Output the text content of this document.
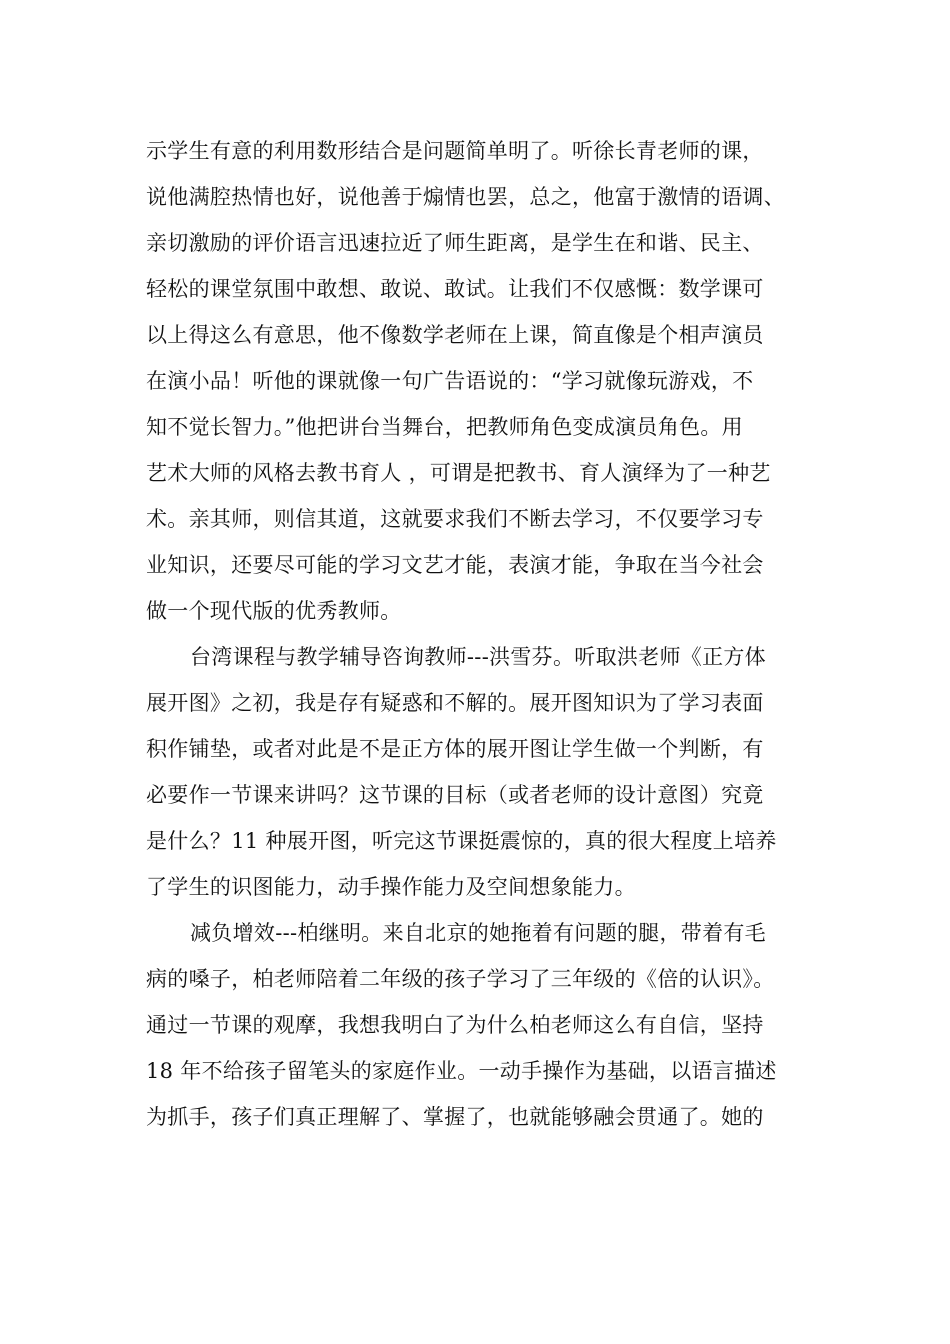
示学生有意的利用数形结合是问题简单明了。听徐长青老师的课，
说他满腔热情也好，说他善于煽情也罢，总之，他富于激情的语调、
亲切激励的评价语言迅速拉近了师生距离，是学生在和谐、民主、
轻松的课堂氛围中敢想、敢说、敢试。让我们不仅感慨：数学课可
以上得这么有意思，他不像数学老师在上课，简直像是个相声演员
在演小品！听他的课就像一句广告语说的：“学习就像玩游戏，不
知不觉长智力。”他把讲台当舞台，把教师角色变成演员角色。用
艺术大师的风格去教书育人 ，可谓是把教书、育人演绎为了一种艺
术。亲其师，则信其道，这就要求我们不断去学习，不仅要学习专
业知识，还要尽可能的学习文艺才能，表演才能，争取在当今社会
做一个现代版的优秀教师。
台湾课程与教学辅导咨询教师---洪雪芬。听取洪老师《正方体
展开图》之初，我是存有疑惑和不解的。展开图知识为了学习表面
积作铺垫，或者对此是不是正方体的展开图让学生做一个判断，有
必要作一节课来讲吗？这节课的目标（或者老师的设计意图）究竟
是什么？11 种展开图，听完这节课挺震惊的，真的很大程度上培养
了学生的识图能力，动手操作能力及空间想象能力。
减负增效---柏继明。来自北京的她拖着有问题的腿，带着有毛
病的嗓子，柏老师陪着二年级的孩子学习了三年级的《倍的认识》。
通过一节课的观摩，我想我明白了为什么柏老师这么有自信，坚持
18 年不给孩子留笔头的家庭作业。一动手操作为基础，以语言描述
为抓手，孩子们真正理解了、掌握了，也就能够融会贯通了。她的
